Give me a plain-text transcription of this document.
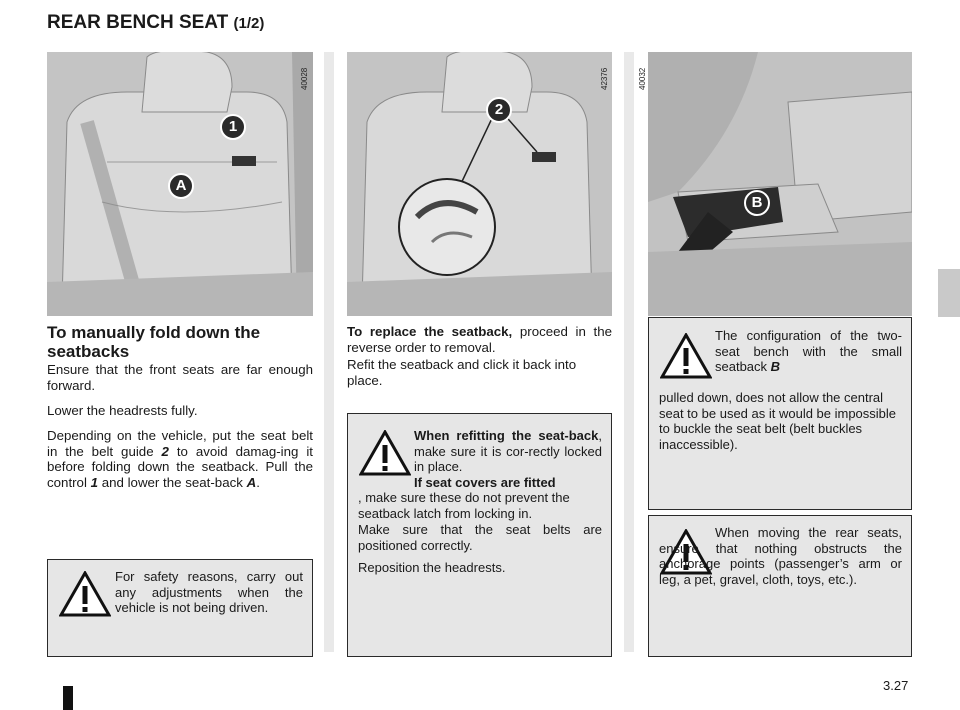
REAR BENCH SEAT (1/2)
1
A
40028
2
42376
B
40032
To manually fold down the seatbacks

Ensure that the front seats are far enough forward.

Lower the headrests fully.

Depending on the vehicle, put the seat belt in the belt guide 2 to avoid damag-ing it before folding down the seatback. Pull the control 1 and lower the seat-back A.

For safety reasons, carry out any adjustments when the vehicle is not being driven.

To replace the seatback, proceed in the reverse order to removal.

Refit the seatback and click it back into place.

When refitting the seat-back, make sure it is cor-rectly locked in place.

If seat covers are fitted

, make sure these do not prevent the seatback latch from locking in.

Make sure that the seat belts are positioned correctly.

Reposition the headrests.

The configuration of the two-seat bench with the small seatback B

pulled down, does not allow the central seat to be used as it would be impossible to buckle the seat belt (belt buckles inaccessible).

When moving the rear seats, ensure that nothing obstructs the anchorage points (passenger’s arm or leg, a pet, gravel, cloth, toys, etc.).

3.27
